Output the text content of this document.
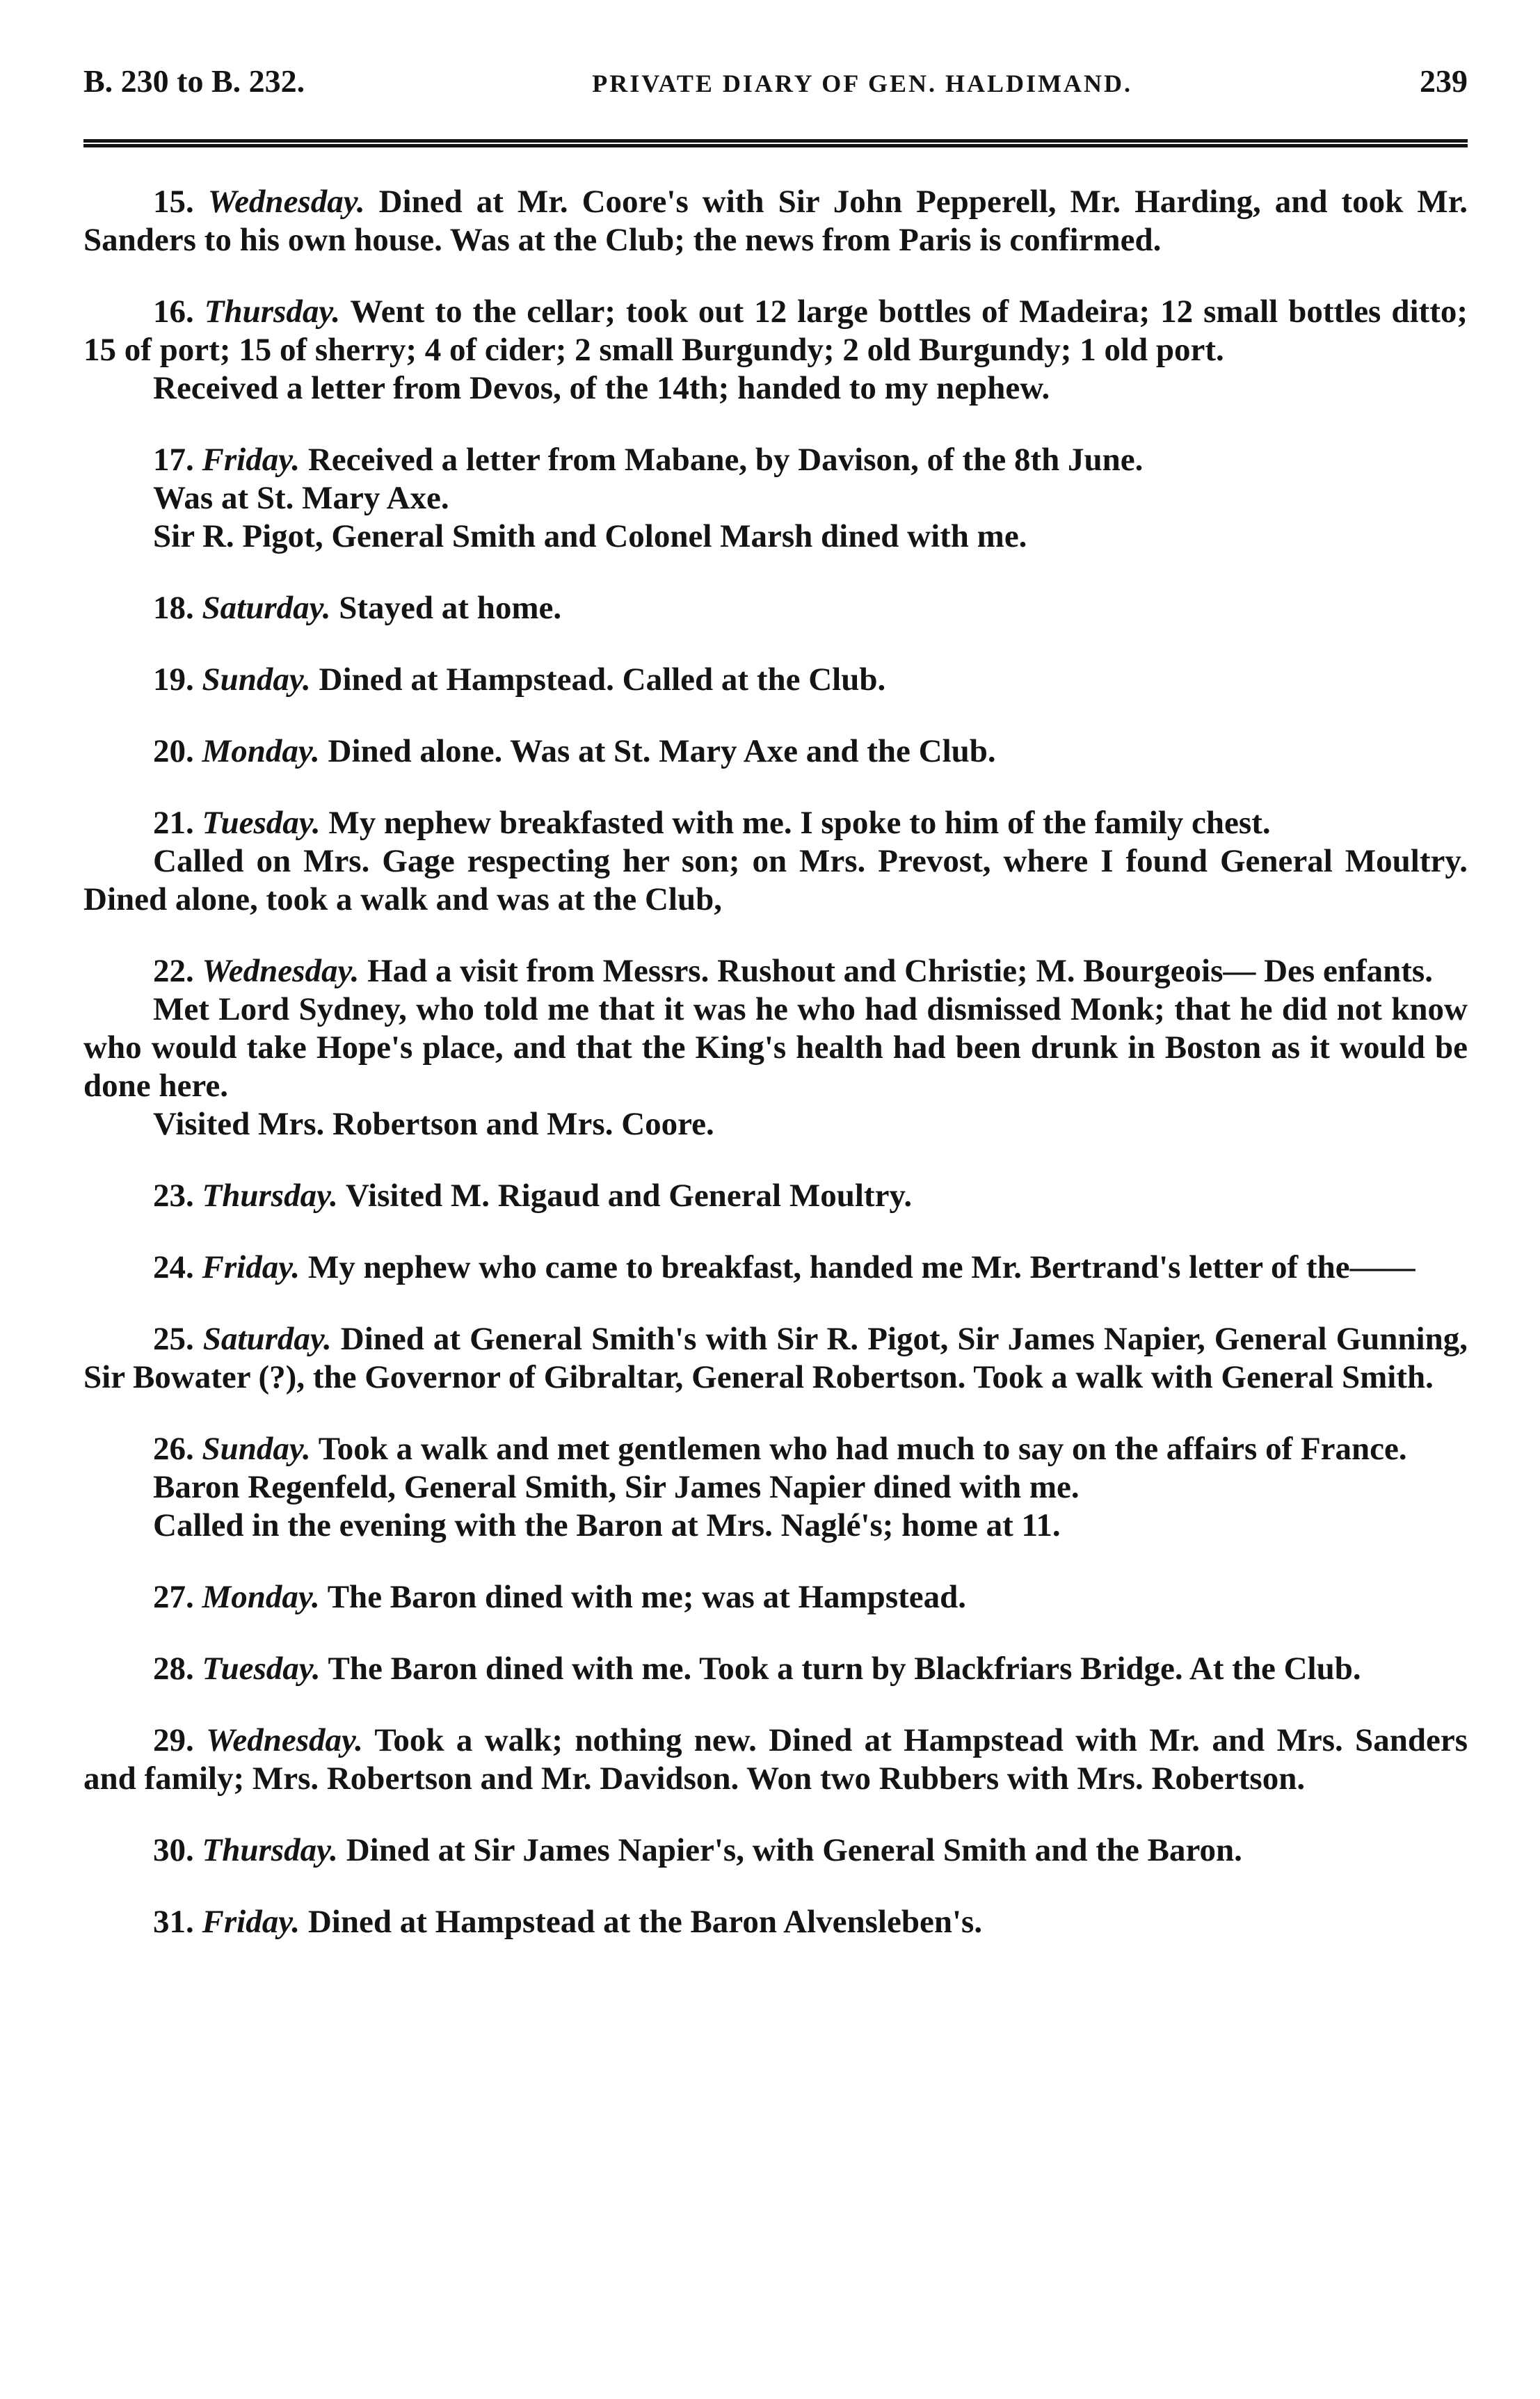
B. 230 to B. 232.	PRIVATE DIARY OF GEN. HALDIMAND.	239
15. Wednesday. Dined at Mr. Coore's with Sir John Pepperell, Mr. Harding, and took Mr. Sanders to his own house. Was at the Club; the news from Paris is confirmed.
16. Thursday. Went to the cellar; took out 12 large bottles of Madeira; 12 small bottles ditto; 15 of port; 15 of sherry; 4 of cider; 2 small Burgundy; 2 old Burgundy; 1 old port.
Received a letter from Devos, of the 14th; handed to my nephew.
17. Friday. Received a letter from Mabane, by Davison, of the 8th June.
Was at St. Mary Axe.
Sir R. Pigot, General Smith and Colonel Marsh dined with me.
18. Saturday. Stayed at home.
19. Sunday. Dined at Hampstead. Called at the Club.
20. Monday. Dined alone. Was at St. Mary Axe and the Club.
21. Tuesday. My nephew breakfasted with me. I spoke to him of the family chest.
Called on Mrs. Gage respecting her son; on Mrs. Prevost, where I found General Moultry. Dined alone, took a walk and was at the Club,
22. Wednesday. Had a visit from Messrs. Rushout and Christie; M. Bourgeois— Des enfants.
Met Lord Sydney, who told me that it was he who had dismissed Monk; that he did not know who would take Hope's place, and that the King's health had been drunk in Boston as it would be done here.
Visited Mrs. Robertson and Mrs. Coore.
23. Thursday. Visited M. Rigaud and General Moultry.
24. Friday. My nephew who came to breakfast, handed me Mr. Bertrand's letter of the——
25. Saturday. Dined at General Smith's with Sir R. Pigot, Sir James Napier, General Gunning, Sir Bowater (?), the Governor of Gibraltar, General Robertson. Took a walk with General Smith.
26. Sunday. Took a walk and met gentlemen who had much to say on the affairs of France.
Baron Regenfeld, General Smith, Sir James Napier dined with me.
Called in the evening with the Baron at Mrs. Naglé's; home at 11.
27. Monday. The Baron dined with me; was at Hampstead.
28. Tuesday. The Baron dined with me. Took a turn by Blackfriars Bridge. At the Club.
29. Wednesday. Took a walk; nothing new. Dined at Hampstead with Mr. and Mrs. Sanders and family; Mrs. Robertson and Mr. Davidson. Won two Rubbers with Mrs. Robertson.
30. Thursday. Dined at Sir James Napier's, with General Smith and the Baron.
31. Friday. Dined at Hampstead at the Baron Alvensleben's.
